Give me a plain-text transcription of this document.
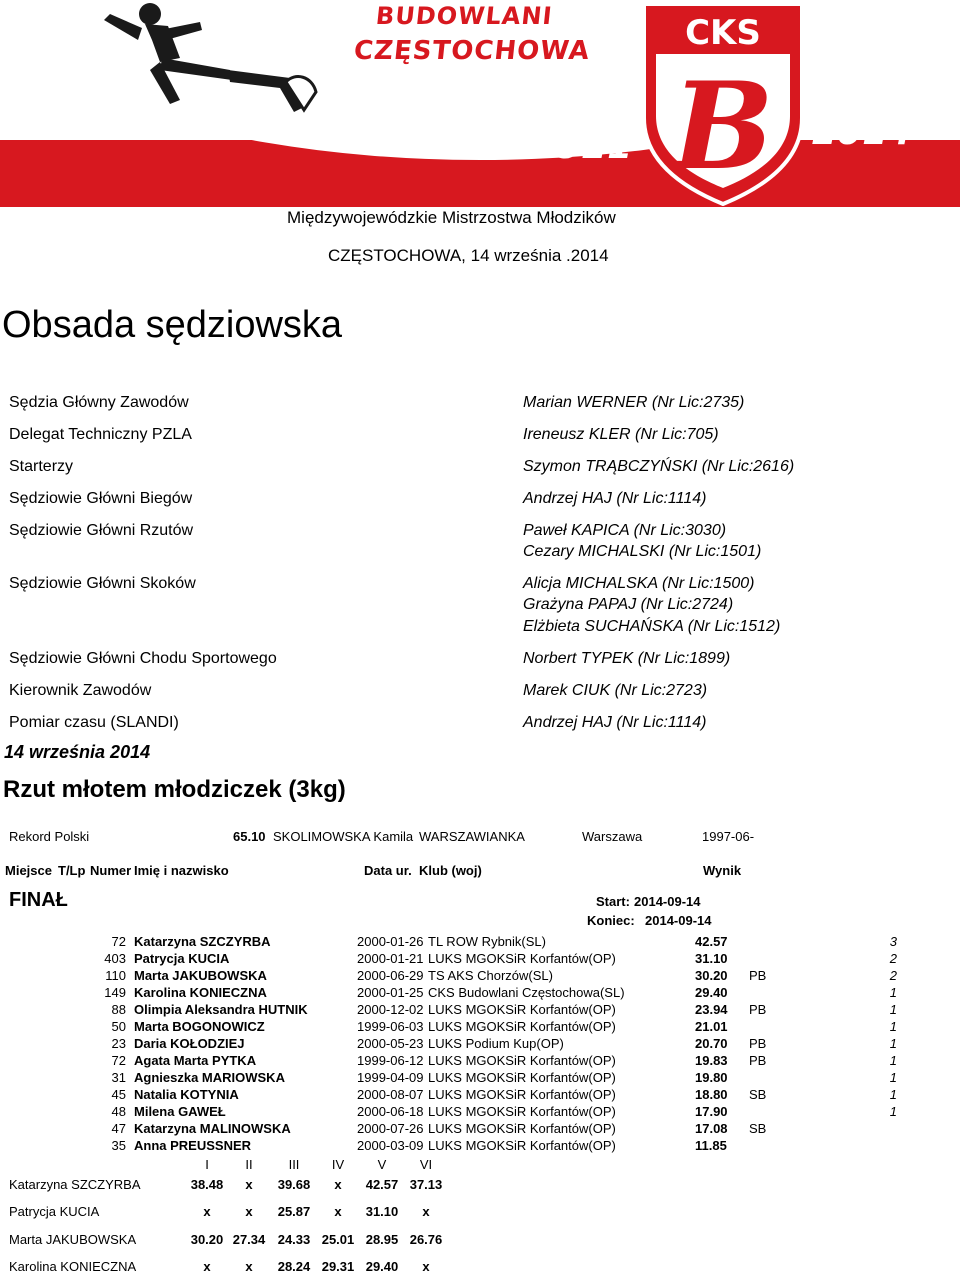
BUDOWLANI
CZĘSTOCHOWA
1921
CKS
B 2014
Międzywojewódzkie Mistrzostwa Młodzików
CZĘSTOCHOWA, 14 września .2014
Obsada sędziowska
Sędzia Główny Zawodów	Marian WERNER (Nr Lic:2735)
Delegat Techniczny PZLA	Ireneusz KLER (Nr Lic:705)
Starterzy	Szymon TRĄBCZYŃSKI (Nr Lic:2616)
Sędziowie Główni Biegów	Andrzej HAJ (Nr Lic:1114)
Sędziowie Główni Rzutów	Paweł KAPICA (Nr Lic:3030)
Cezary MICHALSKI (Nr Lic:1501)
Sędziowie Główni Skoków	Alicja MICHALSKA (Nr Lic:1500)
Grażyna PAPAJ (Nr Lic:2724)
Elżbieta SUCHAŃSKA (Nr Lic:1512)
Sędziowie Główni Chodu Sportowego	Norbert TYPEK (Nr Lic:1899)
Kierownik Zawodów	Marek CIUK (Nr Lic:2723)
Pomiar czasu (SLANDI)	Andrzej HAJ (Nr Lic:1114)
14 września 2014
Rzut młotem młodziczek (3kg)
Rekord Polski	65.10 SKOLIMOWSKA Kamila WARSZAWIANKA	Warszawa	1997-06-
Miejsce T/Lp Numer Imię i nazwisko	Data ur. Klub (woj)	Wynik
FINAŁ	Start: 2014-09-14
Koniec: 2014-09-14
72 Katarzyna SZCZYRBA	2000-01-26 TL ROW Rybnik(SL)	42.57	3
403 Patrycja KUCIA	2000-01-21 LUKS MGOKSiR Korfantów(OP)	31.10	2
110 Marta JAKUBOWSKA	2000-06-29 TS AKS Chorzów(SL)	30.20 PB	2
149 Karolina KONIECZNA	2000-01-25 CKS Budowlani Częstochowa(SL)	29.40	1
88 Olimpia Aleksandra HUTNIK	2000-12-02 LUKS MGOKSiR Korfantów(OP)	23.94 PB	1
50 Marta BOGONOWICZ	1999-06-03 LUKS MGOKSiR Korfantów(OP)	21.01	1
23 Daria KOŁODZIEJ	2000-05-23 LUKS Podium Kup(OP)	20.70 PB	1
72 Agata Marta PYTKA	1999-06-12 LUKS MGOKSiR Korfantów(OP)	19.83 PB	1
31 Agnieszka MARIOWSKA	1999-04-09 LUKS MGOKSiR Korfantów(OP)	19.80	1
45 Natalia KOTYNIA	2000-08-07 LUKS MGOKSiR Korfantów(OP)	18.80 SB	1
48 Milena GAWEŁ	2000-06-18 LUKS MGOKSiR Korfantów(OP)	17.90	1
47 Katarzyna MALINOWSKA	2000-07-26 LUKS MGOKSiR Korfantów(OP)	17.08 SB
35 Anna PREUSSNER	2000-03-09 LUKS MGOKSiR Korfantów(OP)	11.85
I	II	III	IV	V	VI
Katarzyna SZCZYRBA	38.48	x	39.68	x	42.57 37.13
Patrycja KUCIA	x	x	25.87	x	31.10	x
Marta JAKUBOWSKA	30.20 27.34 24.33 25.01 28.95 26.76
Karolina KONIECZNA	x	x	28.24 29.31 29.40	x
